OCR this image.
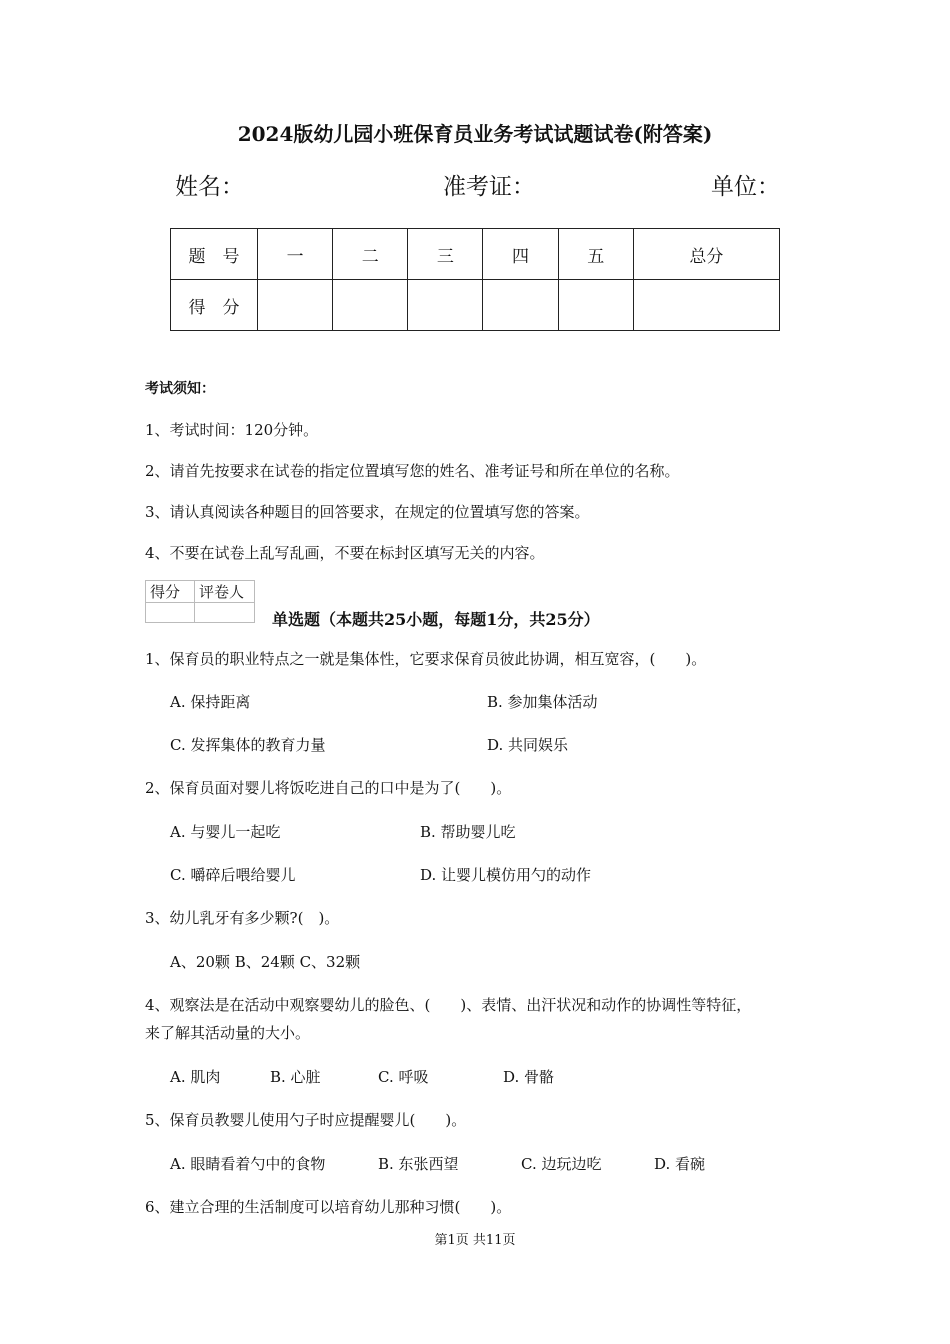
2024版幼儿园小班保育员业务考试试题试卷(附答案)
姓名：	准考证：	单位：
题　号	一	二	三	四	五	总分
得　分						
考试须知：
1、考试时间：120分钟。
2、请首先按要求在试卷的指定位置填写您的姓名、准考证号和所在单位的名称。
3、请认真阅读各种题目的回答要求，在规定的位置填写您的答案。
4、不要在试卷上乱写乱画，不要在标封区填写无关的内容。
得分	评卷人

单选题（本题共25小题，每题1分，共25分）
1、保育员的职业特点之一就是集体性，它要求保育员彼此协调，相互宽容，(　　)。
A. 保持距离	B. 参加集体活动
C. 发挥集体的教育力量	D. 共同娱乐
2、保育员面对婴儿将饭吃进自己的口中是为了(　　)。
A. 与婴儿一起吃	B. 帮助婴儿吃
C. 嚼碎后喂给婴儿	D. 让婴儿模仿用勺的动作
3、幼儿乳牙有多少颗?(　)。
A、20颗 B、24颗 C、32颗
4、观察法是在活动中观察婴幼儿的脸色、(　　)、表情、出汗状况和动作的协调性等特征，
来了解其活动量的大小。
A. 肌肉	B. 心脏	C. 呼吸	D. 骨骼
5、保育员教婴儿使用勺子时应提醒婴儿(　　)。
A. 眼睛看着勺中的食物	B. 东张西望	C. 边玩边吃	D. 看碗
6、建立合理的生活制度可以培育幼儿那种习惯(　　)。
第1页 共11页
